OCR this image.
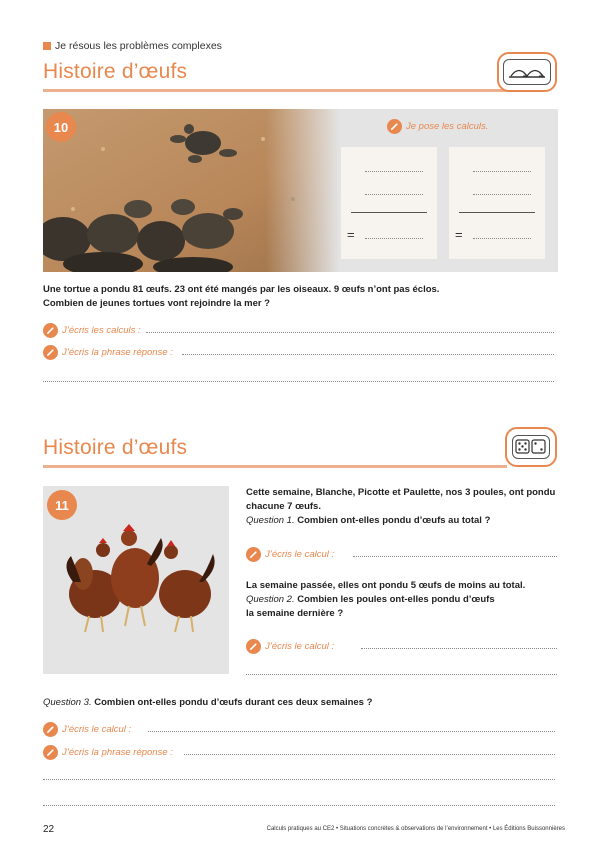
Je résous les problèmes complexes
Histoire d’œufs
10	Je pose les calculs.
=	=
Une tortue a pondu 81 œufs. 23 ont été mangés par les oiseaux. 9 œufs n’ont pas éclos.
Combien de jeunes tortues vont rejoindre la mer ?
J’écris les calculs :
J’écris la phrase réponse :
Histoire d’œufs
11
Cette semaine, Blanche, Picotte et Paulette, nos 3 poules, ont pondu
chacune 7 œufs.
Question 1. Combien ont-elles pondu d’œufs au total ?
J’écris le calcul :
La semaine passée, elles ont pondu 5 œufs de moins au total.
Question 2. Combien les poules ont-elles pondu d’œufs
la semaine dernière ?
J’écris le calcul :
Question 3. Combien ont-elles pondu d’œufs durant ces deux semaines ?
J’écris le calcul :
J’écris la phrase réponse :
22	Calculs pratiques au CE2 • Situations concrètes & observations de l’environnement • Les Éditions Buissonnières
